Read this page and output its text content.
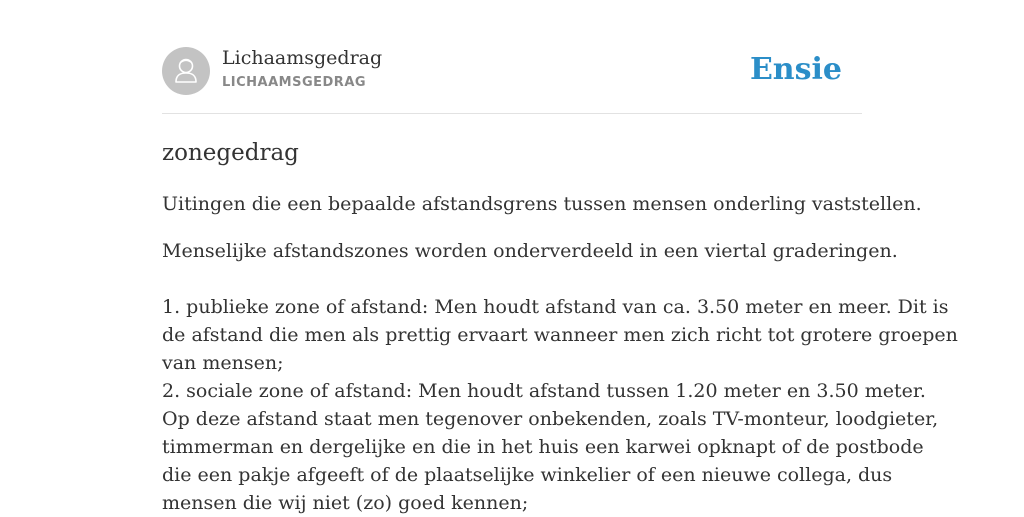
Lichaamsgedrag
LICHAAMSGEDRAG	Ensie
zonegedrag

Uitingen die een bepaalde afstandsgrens tussen mensen onderling vaststellen.

Menselijke afstandszones worden onderverdeeld in een viertal graderingen.
1. publieke zone of afstand: Men houdt afstand van ca. 3.50 meter en meer. Dit is
de afstand die men als prettig ervaart wanneer men zich richt tot grotere groepen
van mensen;
2. sociale zone of afstand: Men houdt afstand tussen 1.20 meter en 3.50 meter.
Op deze afstand staat men tegenover onbekenden, zoals TV-monteur, loodgieter,
timmerman en dergelijke en die in het huis een karwei opknapt of de postbode
die een pakje afgeeft of de plaatselijke winkelier of een nieuwe collega, dus
mensen die wij niet (zo) goed kennen;
